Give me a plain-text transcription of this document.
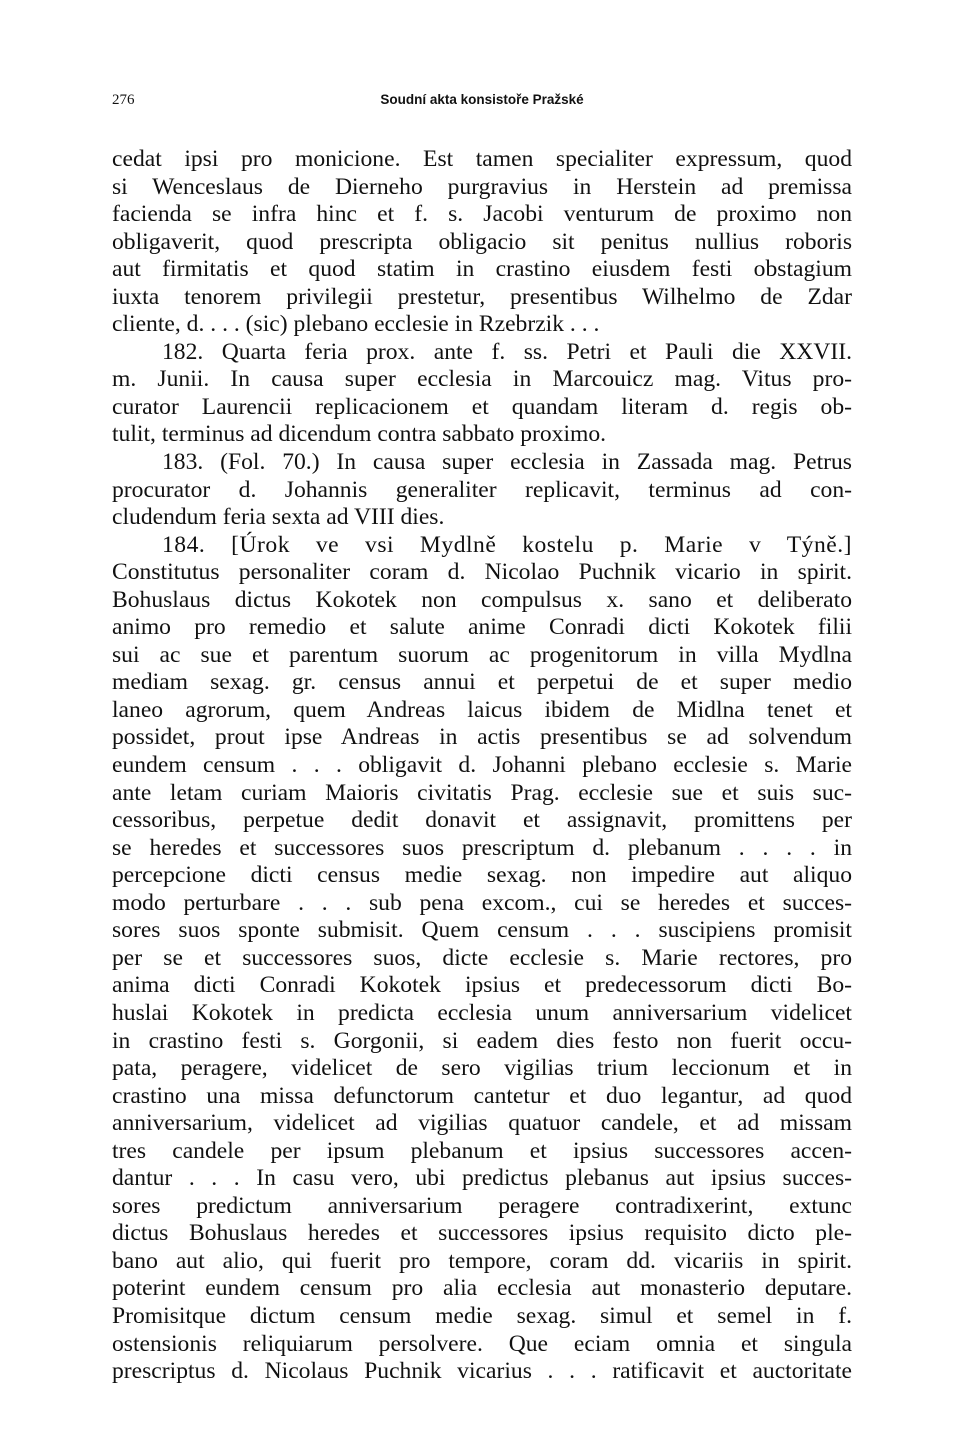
276	Soudní akta konsistoře Pražské
cedat ipsi pro monicione. Est tamen specialiter expressum, quod
si Wenceslaus de Dierneho purgravius in Herstein ad premissa
facienda se infra hinc et f. s. Jacobi venturum de proximo non
obligaverit, quod prescripta obligacio sit penitus nullius roboris
aut firmitatis et quod statim in crastino eiusdem festi obstagium
iuxta tenorem privilegii prestetur, presentibus Wilhelmo de Zdar
cliente, d. . . . (sic) plebano ecclesie in Rzebrzik . . .
182. Quarta feria prox. ante f. ss. Petri et Pauli die XXVII.
m. Junii. In causa super ecclesia in Marcouicz mag. Vitus pro-
curator Laurencii replicacionem et quandam literam d. regis ob-
tulit, terminus ad dicendum contra sabbato proximo.
183. (Fol. 70.) In causa super ecclesia in Zassada mag. Petrus
procurator d. Johannis generaliter replicavit, terminus ad con-
cludendum feria sexta ad VIII dies.
184. [Úrok ve vsi Mydlně kostelu p. Marie v Týně.]
Constitutus personaliter coram d. Nicolao Puchnik vicario in spirit.
Bohuslaus dictus Kokotek non compulsus x. sano et deliberato
animo pro remedio et salute anime Conradi dicti Kokotek filii
sui ac sue et parentum suorum ac progenitorum in villa Mydlna
mediam sexag. gr. census annui et perpetui de et super medio
laneo agrorum, quem Andreas laicus ibidem de Midlna tenet et
possidet, prout ipse Andreas in actis presentibus se ad solvendum
eundem censum . . . obligavit d. Johanni plebano ecclesie s. Marie
ante letam curiam Maioris civitatis Prag. ecclesie sue et suis suc-
cessoribus, perpetue dedit donavit et assignavit, promittens per
se heredes et successores suos prescriptum d. plebanum . . . . in
percepcione dicti census medie sexag. non impedire aut aliquo
modo perturbare . . . sub pena excom., cui se heredes et succes-
sores suos sponte submisit. Quem censum . . . suscipiens promisit
per se et successores suos, dicte ecclesie s. Marie rectores, pro
anima dicti Conradi Kokotek ipsius et predecessorum dicti Bo-
huslai Kokotek in predicta ecclesia unum anniversarium videlicet
in crastino festi s. Gorgonii, si eadem dies festo non fuerit occu-
pata, peragere, videlicet de sero vigilias trium leccionum et in
crastino una missa defunctorum cantetur et duo legantur, ad quod
anniversarium, videlicet ad vigilias quatuor candele, et ad missam
tres candele per ipsum plebanum et ipsius successores accen-
dantur . . . In casu vero, ubi predictus plebanus aut ipsius succes-
sores predictum anniversarium peragere contradixerint, extunc
dictus Bohuslaus heredes et successores ipsius requisito dicto ple-
bano aut alio, qui fuerit pro tempore, coram dd. vicariis in spirit.
poterint eundem censum pro alia ecclesia aut monasterio deputare.
Promisitque dictum censum medie sexag. simul et semel in f.
ostensionis reliquiarum persolvere. Que eciam omnia et singula
prescriptus d. Nicolaus Puchnik vicarius . . . ratificavit et auctoritate
